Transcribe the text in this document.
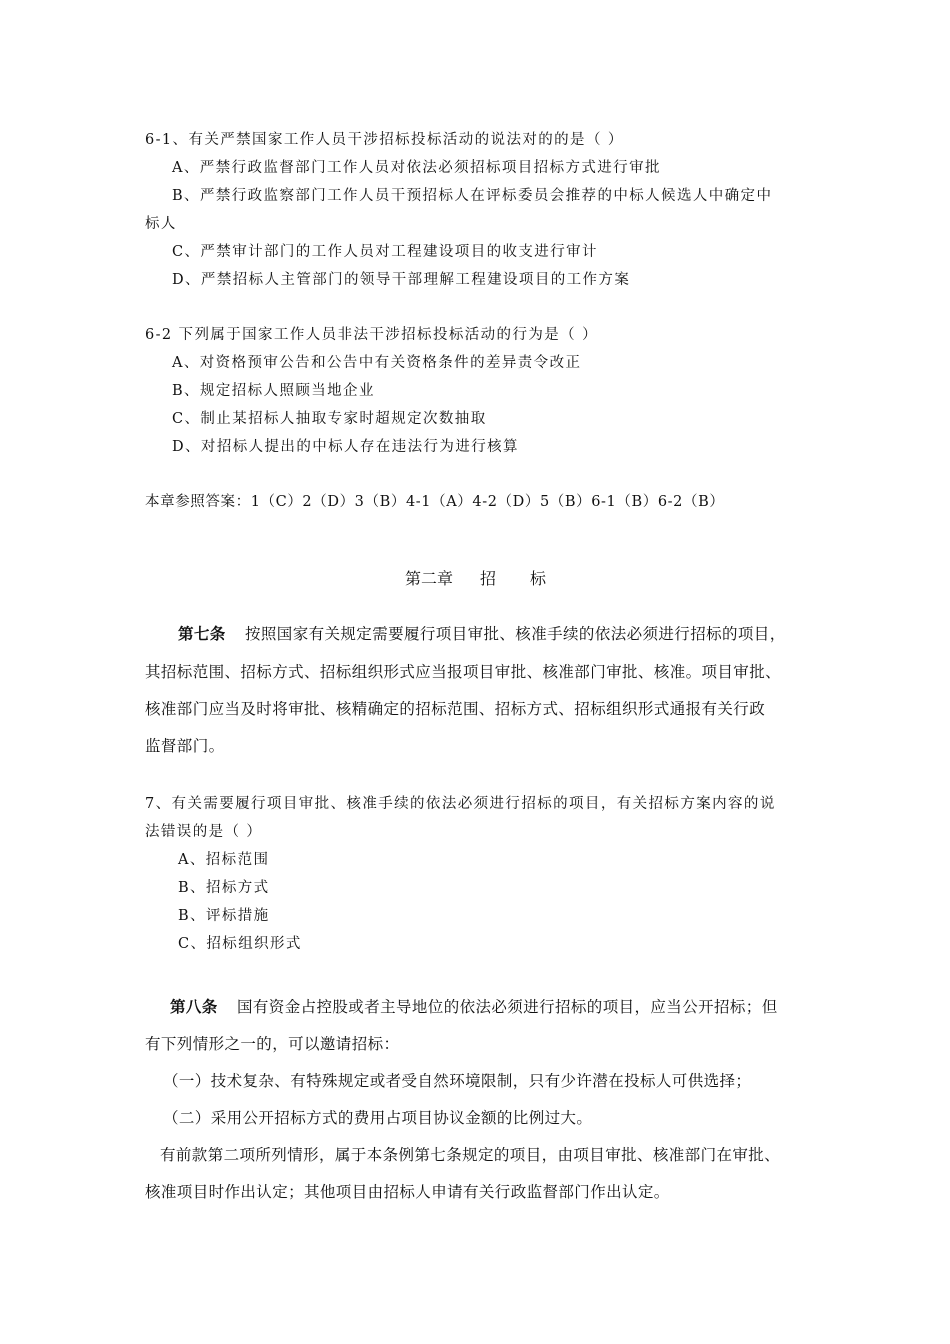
6-1、有关严禁国家工作人员干涉招标投标活动的说法对的的是（ ）
A、严禁行政监督部门工作人员对依法必须招标项目招标方式进行审批
B、严禁行政监察部门工作人员干预招标人在评标委员会推荐的中标人候选人中确定中
标人
C、严禁审计部门的工作人员对工程建设项目的收支进行审计
D、严禁招标人主管部门的领导干部理解工程建设项目的工作方案
6-2 下列属于国家工作人员非法干涉招标投标活动的行为是（ ）
A、对资格预审公告和公告中有关资格条件的差异责令改正
B、规定招标人照顾当地企业
C、制止某招标人抽取专家时超规定次数抽取
D、对招标人提出的中标人存在违法行为进行核算
本章参照答案：1（C）2（D）3（B）4-1（A）4-2（D）5（B）6-1（B）6-2（B）
第二章 招 标
第七条 按照国家有关规定需要履行项目审批、核准手续的依法必须进行招标的项目，
其招标范围、招标方式、招标组织形式应当报项目审批、核准部门审批、核准。项目审批、
核准部门应当及时将审批、核精确定的招标范围、招标方式、招标组织形式通报有关行政
监督部门。
7、有关需要履行项目审批、核准手续的依法必须进行招标的项目，有关招标方案内容的说
法错误的是（ ）
A、招标范围
B、招标方式
B、评标措施
C、招标组织形式
第八条 国有资金占控股或者主导地位的依法必须进行招标的项目，应当公开招标；但
有下列情形之一的，可以邀请招标：
（一）技术复杂、有特殊规定或者受自然环境限制，只有少许潜在投标人可供选择；
（二）采用公开招标方式的费用占项目协议金额的比例过大。
有前款第二项所列情形，属于本条例第七条规定的项目，由项目审批、核准部门在审批、
核准项目时作出认定；其他项目由招标人申请有关行政监督部门作出认定。
